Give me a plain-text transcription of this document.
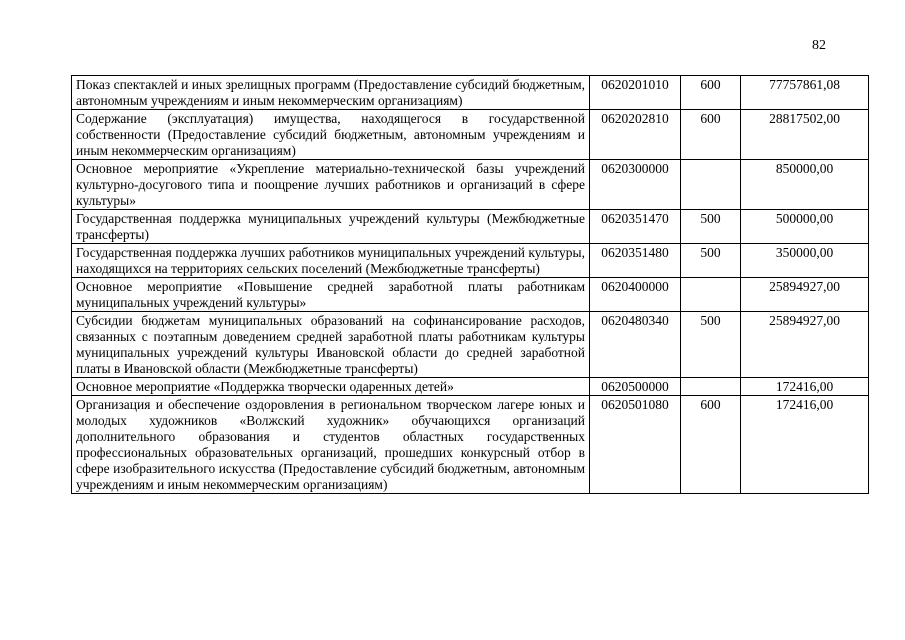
82
Показ спектаклей и иных зрелищных программ (Предоставление субсидий бюджетным, автономным учреждениям и иным некоммерческим организациям)	0620201010	600	77757861,08
Содержание (эксплуатация) имущества, находящегося в государственной собственности (Предоставление субсидий бюджетным, автономным учреждениям и иным некоммерческим организациям)	0620202810	600	28817502,00
Основное мероприятие «Укрепление материально-технической базы учреждений культурно-досугового типа и поощрение лучших работников и организаций в сфере культуры»	0620300000		850000,00
Государственная поддержка муниципальных учреждений культуры (Межбюджетные трансферты)	0620351470	500	500000,00
Государственная поддержка лучших работников муниципальных учреждений культуры, находящихся на территориях сельских поселений (Межбюджетные трансферты)	0620351480	500	350000,00
Основное мероприятие «Повышение средней заработной платы работникам муниципальных учреждений культуры»	0620400000		25894927,00
Субсидии бюджетам муниципальных образований на софинансирование расходов, связанных с поэтапным доведением средней заработной платы работникам культуры муниципальных учреждений культуры Ивановской области до средней заработной платы в Ивановской области (Межбюджетные трансферты)	0620480340	500	25894927,00
Основное мероприятие «Поддержка творчески одаренных детей»	0620500000		172416,00
Организация и обеспечение оздоровления в региональном творческом лагере юных и молодых художников «Волжский художник» обучающихся организаций дополнительного образования и студентов областных государственных профессиональных образовательных организаций, прошедших конкурсный отбор в сфере изобразительного искусства (Предоставление субсидий бюджетным, автономным учреждениям и иным некоммерческим организациям)	0620501080	600	172416,00
